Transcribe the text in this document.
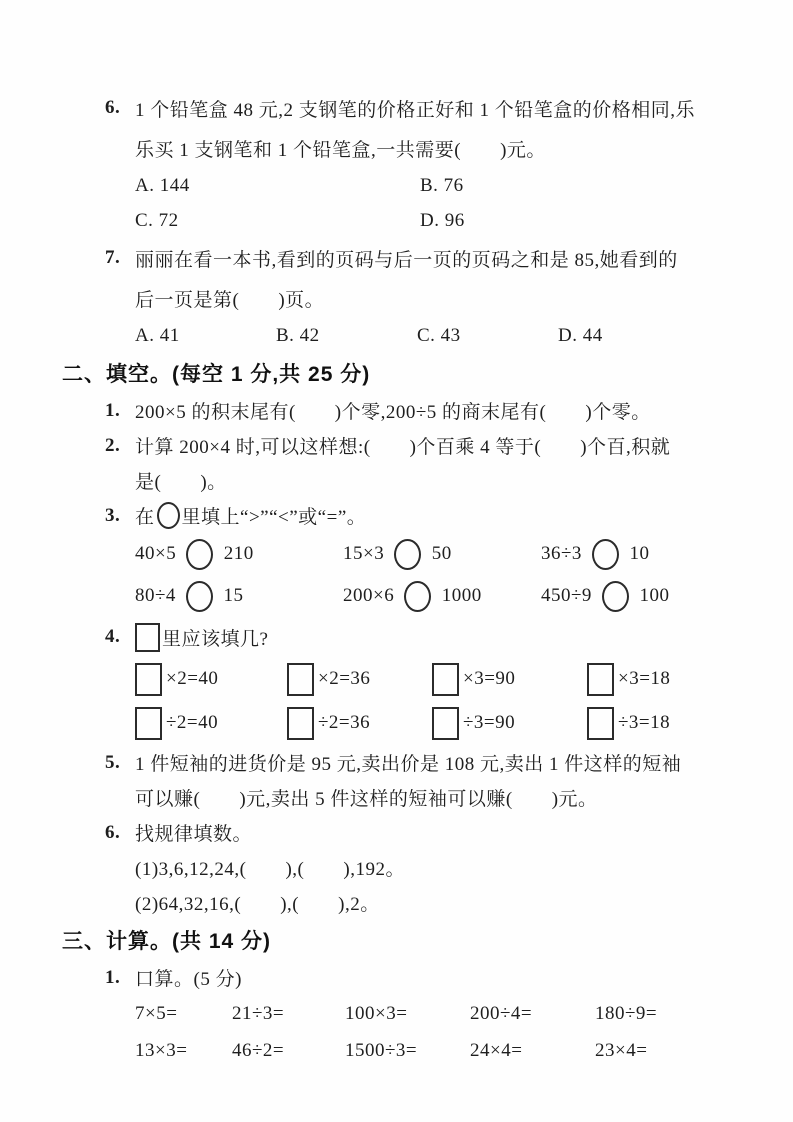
6. 1 个铅笔盒 48 元,2 支钢笔的价格正好和 1 个铅笔盒的价格相同,乐
乐买 1 支钢笔和 1 个铅笔盒,一共需要(　　)元。
A. 144	B. 76
C. 72	D. 96
7. 丽丽在看一本书,看到的页码与后一页的页码之和是 85,她看到的
后一页是第(　　)页。
A. 41	B. 42	C. 43	D. 44
二、填空。(每空 1 分,共 25 分)
1. 200×5 的积末尾有(　　)个零,200÷5 的商末尾有(　　)个零。
2. 计算 200×4 时,可以这样想:(　　)个百乘 4 等于(　　)个百,积就
是(　　)。
3. 在 里填上“>”“<”或“=”。
40×5 210	15×3 50	36÷3 10
80÷4 15	200×6 1000	450÷9 100
4.	里应该填几?
×2=40	×2=36	×3=90	×3=18
÷2=40	÷2=36	÷3=90	÷3=18
5. 1 件短袖的进货价是 95 元,卖出价是 108 元,卖出 1 件这样的短袖
可以赚(　　)元,卖出 5 件这样的短袖可以赚(　　)元。
6. 找规律填数。
(1)3,6,12,24,(　　),(　　),192。
(2)64,32,16,(　　),(　　),2。
三、计算。(共 14 分)
1. 口算。(5 分)
7×5=	21÷3=	100×3=	200÷4=	180÷9=
13×3=	46÷2=	1500÷3=	24×4=	23×4=
